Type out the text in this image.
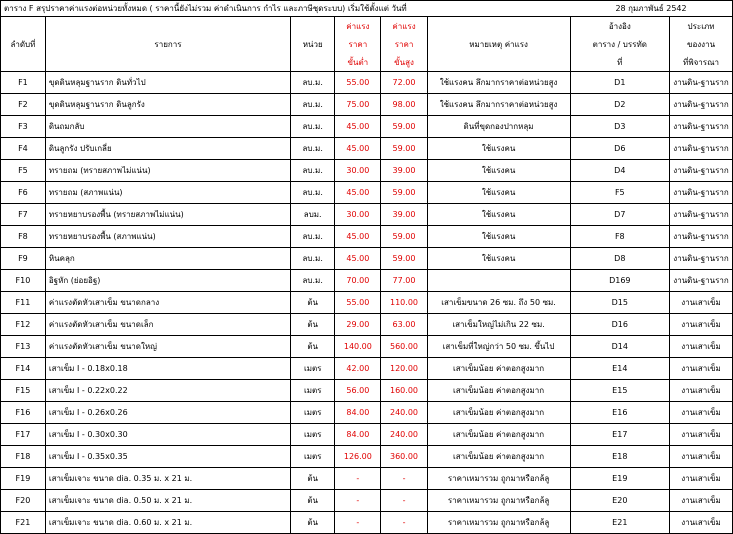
ตาราง F สรุปราคาค่าแรงต่อหน่วยทั้งหมด ( ราคานี้ยังไม่รวม ค่าดำเนินการ กำไร และภาษีชุดระบบ) เริ่มใช้ตั้งแต่ วันที่						28 กุมภาพันธ์ 2542	
			ค่าแรง	ค่าแรง		อ้างอิง	ประเภท
ลำดับที่	รายการ	หน่วย	ราคา	ราคา	หมายเหตุ ค่าแรง	ตาราง / บรรทัด	ของงาน
			ขั้นต่ำ	ขั้นสูง		ที่	ที่พิจารณา
F1	ขุดดินหลุมฐานราก ดินทั่วไป	ลบ.ม.	55.00	72.00	ใช้แรงคน ลึกมากราคาต่อหน่วยสูง	D1	งานดิน-ฐานราก
F2	ขุดดินหลุมฐานราก ดินลูกรัง	ลบ.ม.	75.00	98.00	ใช้แรงคน ลึกมากราคาต่อหน่วยสูง	D2	งานดิน-ฐานราก
F3	ดินถมกลับ	ลบ.ม.	45.00	59.00	ดินที่ขุดกองปากหลุม	D3	งานดิน-ฐานราก
F4	ดินลูกรัง ปรับเกลี่ย	ลบ.ม.	45.00	59.00	ใช้แรงคน	D6	งานดิน-ฐานราก
F5	ทรายถม (ทรายสภาพไม่แน่น)	ลบ.ม.	30.00	39.00	ใช้แรงคน	D4	งานดิน-ฐานราก
F6	ทรายถม (สภาพแน่น)	ลบ.ม.	45.00	59.00	ใช้แรงคน	F5	งานดิน-ฐานราก
F7	ทรายหยาบรองพื้น (ทรายสภาพไม่แน่น)	ลบม.	30.00	39.00	ใช้แรงคน	D7	งานดิน-ฐานราก
F8	ทรายหยาบรองพื้น (สภาพแน่น)	ลบ.ม.	45.00	59.00	ใช้แรงคน	F8	งานดิน-ฐานราก
F9	หินคลุก	ลบ.ม.	45.00	59.00	ใช้แรงคน	D8	งานดิน-ฐานราก
F10	อิฐหัก (ย่อยอิฐ)	ลบ.ม.	70.00	77.00		D169	งานดิน-ฐานราก
F11	ค่าแรงตัดหัวเสาเข็ม ขนาดกลาง	ต้น	55.00	110.00	เสาเข็มขนาด 26 ซม. ถึง 50 ซม.	D15	งานเสาเข็ม
F12	ค่าแรงตัดหัวเสาเข็ม ขนาดเล็ก	ต้น	29.00	63.00	เสาเข็มใหญ่ไม่เกิน 22 ซม.	D16	งานเสาเข็ม
F13	ค่าแรงตัดหัวเสาเข็ม ขนาดใหญ่	ต้น	140.00	560.00	เสาเข็มที่ใหญ่กว่า 50 ซม. ขึ้นไป	D14	งานเสาเข็ม
F14	เสาเข็ม I - 0.18x0.18	เมตร	42.00	120.00	เสาเข็มน้อย ค่าตอกสูงมาก	E14	งานเสาเข็ม
F15	เสาเข็ม I - 0.22x0.22	เมตร	56.00	160.00	เสาเข็มน้อย ค่าตอกสูงมาก	E15	งานเสาเข็ม
F16	เสาเข็ม I - 0.26x0.26	เมตร	84.00	240.00	เสาเข็มน้อย ค่าตอกสูงมาก	E16	งานเสาเข็ม
F17	เสาเข็ม I - 0.30x0.30	เมตร	84.00	240.00	เสาเข็มน้อย ค่าตอกสูงมาก	E17	งานเสาเข็ม
F18	เสาเข็ม I - 0.35x0.35	เมตร	126.00	360.00	เสาเข็มน้อย ค่าตอกสูงมาก	E18	งานเสาเข็ม
F19	เสาเข็มเจาะ ขนาด dia. 0.35 ม. x 21 ม.	ต้น	-	-	ราคาเหมารวม ถูกมาหรือกล้ลู	E19	งานเสาเข็ม
F20	เสาเข็มเจาะ ขนาด dia. 0.50 ม. x 21 ม.	ต้น	-	-	ราคาเหมารวม ถูกมาหรือกล้ลู	E20	งานเสาเข็ม
F21	เสาเข็มเจาะ ขนาด dia. 0.60 ม. x 21 ม.	ต้น	-	-	ราคาเหมารวม ถูกมาหรือกล้ลู	E21	งานเสาเข็ม
